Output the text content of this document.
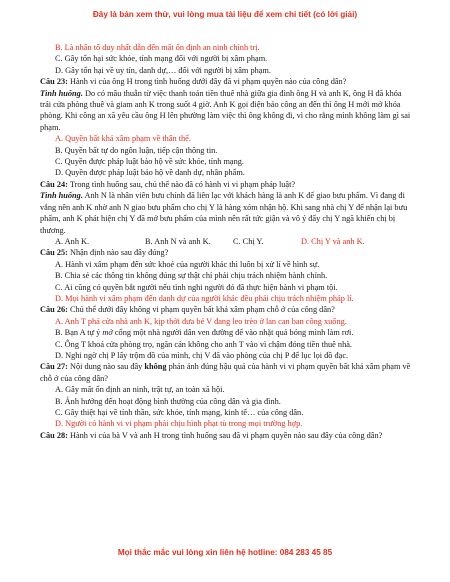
Đây là bản xem thử, vui lòng mua tài liệu để xem chi tiết (có lời giải)

B. Là nhân tố duy nhất dẫn đến mất ổn định an ninh chính trị.

C. Gây tổn hại sức khỏe, tính mạng đối với người bị xâm phạm.

D. Gây tổn hại về uy tín, danh dự,… đối với người bị xâm phạm.

Câu 23: Hành vi của ông H trong tình huống dưới đây đã vi phạm quyền nào của công dân?

Tình huống. Do có mâu thuẫn từ việc thanh toán tiền thuê nhà giữa gia đình ông H và anh K, ông H đã khóa trái cửa phòng thuê và giam anh K trong suốt 4 giờ. Anh K gọi điện báo công an đến thì ông H mới mở khóa phòng. Khi công an xã yêu cầu ông H lên phường làm việc thì ông không đi, vì cho rằng mình không làm gì sai phạm.

A. Quyền bất khả xâm phạm về thân thể.

B. Quyền bất tự do ngôn luận, tiếp cận thông tin.

C. Quyền được pháp luật bảo hộ về sức khỏe, tính mạng.

D. Quyền được pháp luật bảo hộ về danh dự, nhân phẩm.

Câu 24: Trong tình huống sau, chủ thể nào đã có hành vi vi phạm pháp luật?

Tình huống. Anh N là nhân viên bưu chính đã liên lạc với khách hàng là anh K để giao bưu phẩm. Vì đang đi vắng nên anh K nhờ anh N giao bưu phẩm cho chị Y là hàng xóm nhận hộ. Khi sang nhà chị Y để nhận lại bưu phẩm, anh K phát hiện chị Y đã mở bưu phẩm của mình nên rất tức giận và vô ý đẩy chị Y ngã khiến chị bị thương.

A. Anh K.	B. Anh N và anh K.	C. Chị Y.	D. Chị Y và anh K.

Câu 25: Nhận định nào sau đây đúng?

A. Hành vi xâm phạm đến sức khoẻ của người khác thì luôn bị xử lí về hình sự.

B. Chia sẻ các thông tin không đúng sự thật chỉ phải chịu trách nhiệm hành chính.

C. Ai cũng có quyền bắt người nếu tình nghi người đó đã thực hiện hành vi phạm tội.

D. Mọi hành vi xâm phạm đến danh dự của người khác đều phải chịu trách nhiệm pháp lí.

Câu 26: Chủ thể dưới đây không vi phạm quyền bất khả xâm phạm chỗ ở của công dân?

A. Anh T phá cửa nhà anh K, kịp thời đưa bé V đang leo trèo ở lan can ban công xuống.

B. Bạn A tự ý mở cổng một nhà người dân ven đường để vào nhặt quả bóng mình làm rơi.

C. Ông T khoá cửa phòng trọ, ngăn cản không cho anh T vào vì chậm đóng tiền thuê nhà.

D. Nghi ngờ chị P lấy trộm đồ của mình, chị V đã vào phòng của chị P để lục lọi đồ đạc.

Câu 27: Nội dung nào sau đây không phản ánh đúng hậu quả của hành vi vi phạm quyền bất khả xâm phạm về chỗ ở của công dân?

A. Gây mất ổn định an ninh, trật tự, an toàn xã hội.

B. Ảnh hưởng đến hoạt động bình thường của công dân và gia đình.

C. Gây thiệt hại về tính thần, sức khỏe, tính mạng, kinh tế… của công dân.

D. Người có hành vi vi phạm phải chịu hình phạt tù trong mọi trường hợp.

Câu 28: Hành vi của bà V và anh H trong tình huống sau đã vi phạm quyền nào sau đây của công dân?

Mọi thắc mắc vui lòng xin liên hệ hotline: 084 283 45 85
